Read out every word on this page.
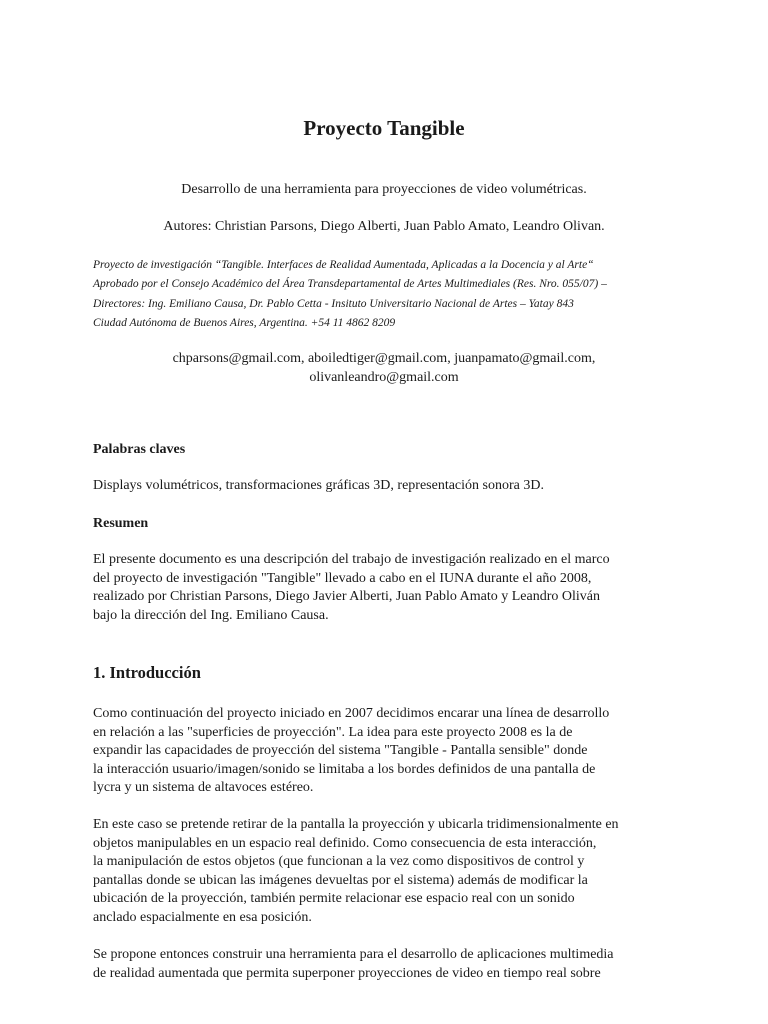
Proyecto Tangible
Desarrollo de una herramienta para proyecciones de video volumétricas.
Autores: Christian Parsons, Diego Alberti, Juan Pablo Amato, Leandro Olivan.
Proyecto de investigación “Tangible. Interfaces de Realidad Aumentada, Aplicadas a la Docencia y al Arte“
Aprobado por el Consejo Académico del Área Transdepartamental de Artes Multimediales (Res. Nro. 055/07) –
Directores: Ing. Emiliano Causa, Dr. Pablo Cetta - Insituto Universitario Nacional de Artes – Yatay 843
Ciudad Autónoma de Buenos Aires, Argentina. +54 11 4862 8209
chparsons@gmail.com, aboiledtiger@gmail.com, juanpamato@gmail.com,
olivanleandro@gmail.com
Palabras claves
Displays volumétricos, transformaciones gráficas 3D, representación sonora 3D.
Resumen
El presente documento es una descripción del trabajo de investigación realizado en el marco
del proyecto de investigación "Tangible" llevado a cabo en el IUNA durante el año 2008,
realizado por Christian Parsons, Diego Javier Alberti, Juan Pablo Amato y Leandro Oliván
bajo la dirección del Ing. Emiliano Causa.
1. Introducción
Como continuación del proyecto iniciado en 2007 decidimos encarar una línea de desarrollo
en relación a las "superficies de proyección". La idea para este proyecto 2008 es la de
expandir las capacidades de proyección del sistema "Tangible - Pantalla sensible" donde
la interacción usuario/imagen/sonido se limitaba a los bordes definidos de una pantalla de
lycra y un sistema de altavoces estéreo.
En este caso se pretende retirar de la pantalla la proyección y ubicarla tridimensionalmente en
objetos manipulables en un espacio real definido. Como consecuencia de esta interacción,
la manipulación de estos objetos (que funcionan a la vez como dispositivos de control y
pantallas donde se ubican las imágenes devueltas por el sistema) además de modificar la
ubicación de la proyección, también permite relacionar ese espacio real con un sonido
anclado espacialmente en esa posición.
Se propone entonces construir una herramienta para el desarrollo de aplicaciones multimedia
de realidad aumentada que permita superponer proyecciones de video en tiempo real sobre
